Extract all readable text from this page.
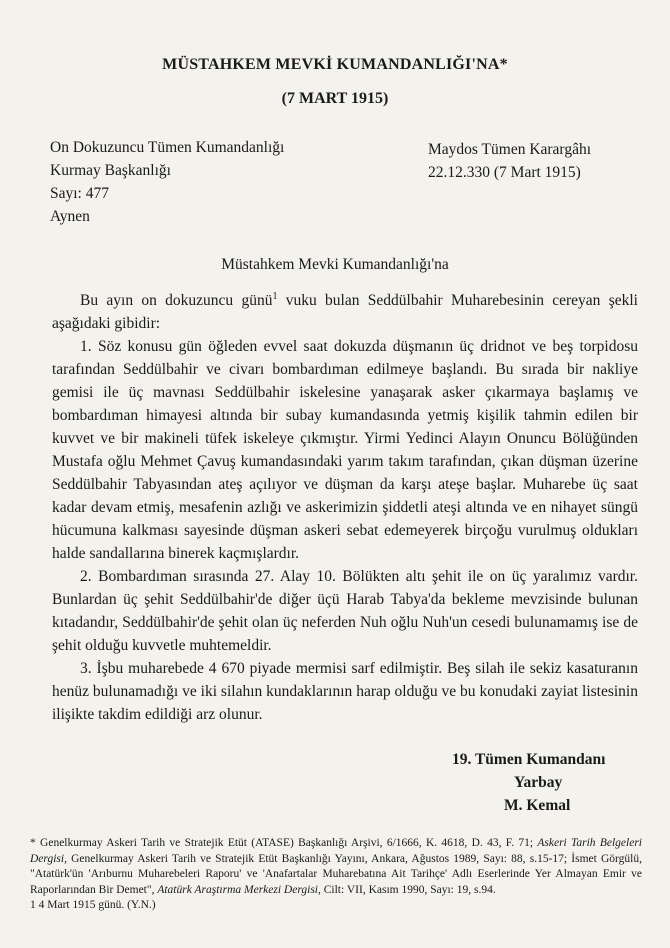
MÜSTAHKEM MEVKİ KUMANDANLIĞI'NA*
(7 MART 1915)
On Dokuzuncu Tümen Kumandanlığı
Kurmay Başkanlığı
Sayı: 477
Aynen
Maydos Tümen Karargâhı
22.12.330 (7 Mart 1915)
Müstahkem Mevki Kumandanlığı'na

Bu ayın on dokuzuncu günü$^1$ vuku bulan Seddülbahir Muharebesinin cereyan şekli aşağıdaki gibidir:

1. Söz konusu gün öğleden evvel saat dokuzda düşmanın üç dridnot ve beş torpidosu tarafından Seddülbahir ve civarı bombardıman edilmeye başlandı. Bu sırada bir nakliye gemisi ile üç mavnası Seddülbahir iskelesine yanaşarak asker çıkarmaya başlamış ve bombardıman himayesi altında bir subay kumandasında yetmiş kişilik tahmin edilen bir kuvvet ve bir makineli tüfek iskeleye çıkmıştır. Yirmi Yedinci Alayın Onuncu Bölüğünden Mustafa oğlu Mehmet Çavuş kumandasındaki yarım takım tarafından, çıkan düşman üzerine Seddülbahir Tabyasından ateş açılıyor ve düşman da karşı ateşe başlar. Muharebe üç saat kadar devam etmiş, mesafenin azlığı ve askerimizin şiddetli ateşi altında ve en nihayet süngü hücumuna kalkması sayesinde düşman askeri sebat edemeyerek birçoğu vurulmuş oldukları halde sandallarına binerek kaçmışlardır.

2. Bombardıman sırasında 27. Alay 10. Bölükten altı şehit ile on üç yaralımız vardır. Bunlardan üç şehit Seddülbahir'de diğer üçü Harab Tabya'da bekleme mevzisinde bulunan kıtadandır, Seddülbahir'de şehit olan üç neferden Nuh oğlu Nuh'un cesedi bulunamamış ise de şehit olduğu kuvvetle muhtemeldir.

3. İşbu muharebede 4 670 piyade mermisi sarf edilmiştir. Beş silah ile sekiz kasaturanın henüz bulunamadığı ve iki silahın kundaklarının harap olduğu ve bu konudaki zayiat listesinin ilişikte takdim edildiği arz olunur.

19. Tümen Kumandanı
Yarbay
M. Kemal

* Genelkurmay Askeri Tarih ve Stratejik Etüt (ATASE) Başkanlığı Arşivi, 6/1666, K. 4618, D. 43, F. 71; Askeri Tarih Belgeleri Dergisi, Genelkurmay Askeri Tarih ve Stratejik Etüt Başkanlığı Yayını, Ankara, Ağustos 1989, Sayı: 88, s.15-17; İsmet Görgülü, "Atatürk'ün 'Arıburnu Muharebeleri Raporu' ve 'Anafartalar Muharebatına Ait Tarihçe' Adlı Eserlerinde Yer Almayan Emir ve Raporlarından Bir Demet", Atatürk Araştırma Merkezi Dergisi, Cilt: VII, Kasım 1990, Sayı: 19, s.94.

1 4 Mart 1915 günü. (Y.N.)
